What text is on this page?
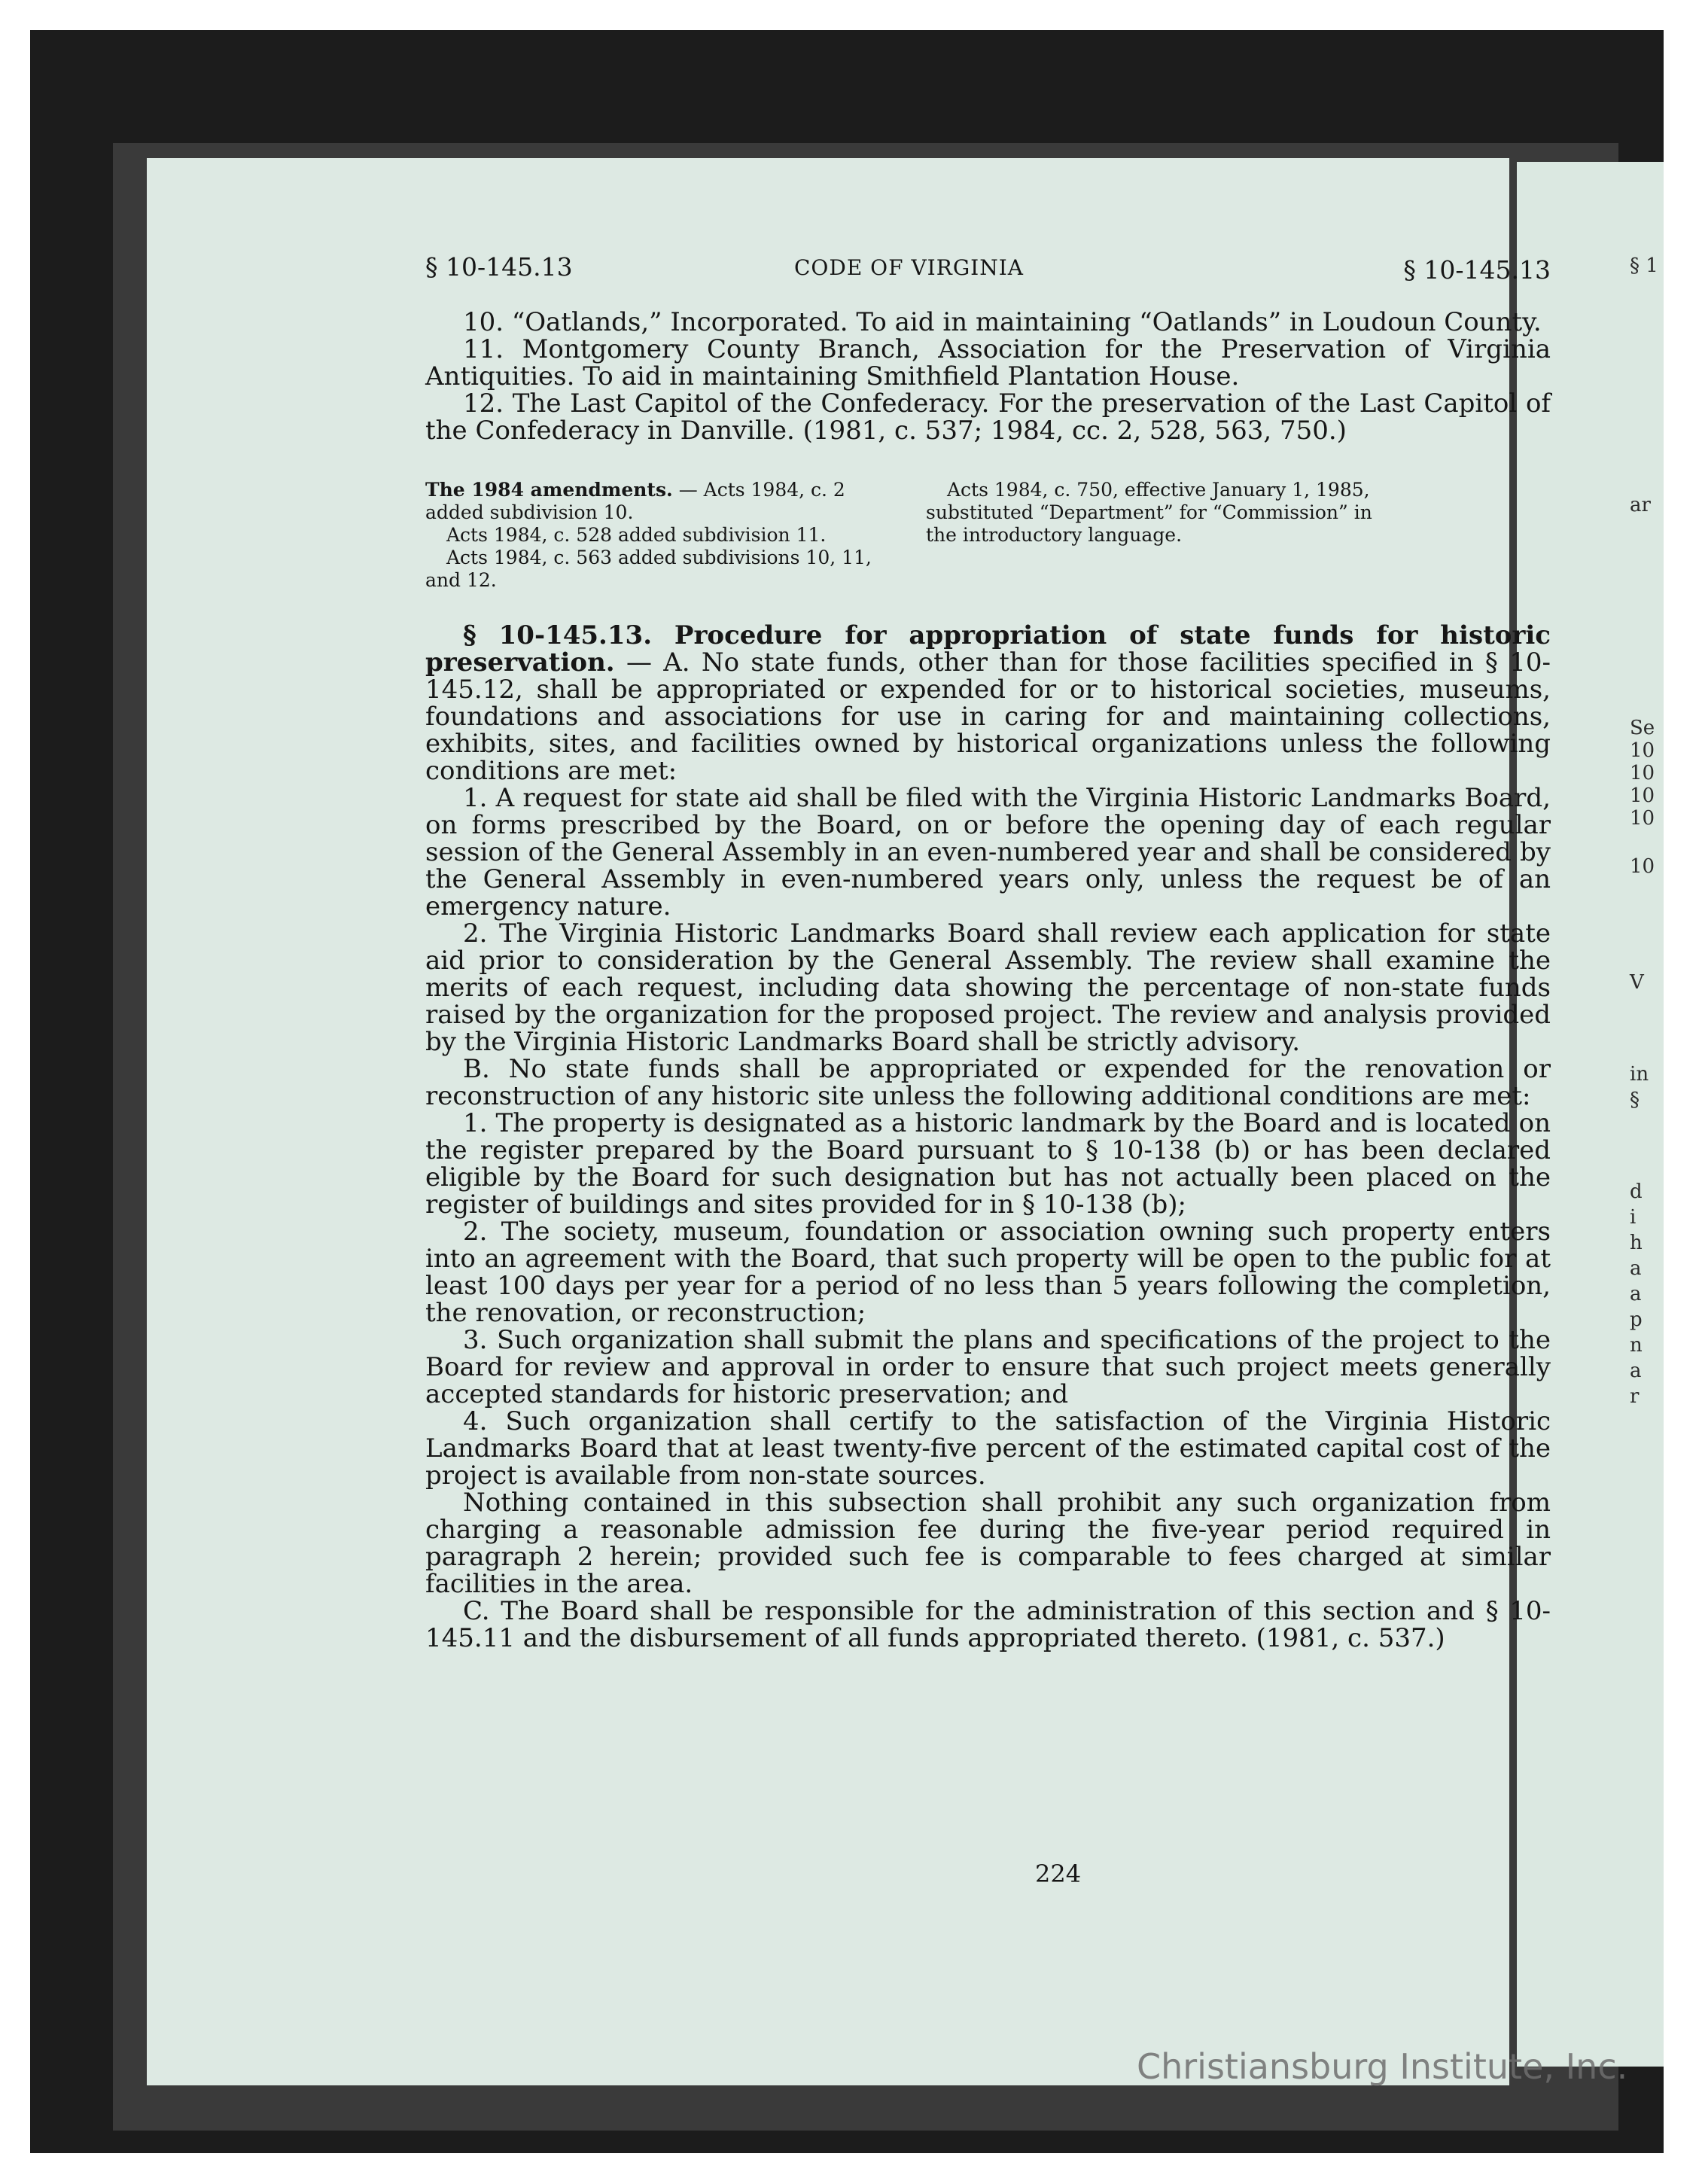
§ 1
ar
Se
10
10
10
10
10
V
in
§
d
i
h
a
a
p
n
a
r
§ 10-145.13	CODE OF VIRGINIA	§ 10-145.13

10. “Oatlands,” Incorporated. To aid in maintaining “Oatlands” in Loudoun County.

11. Montgomery County Branch, Association for the Preservation of Virginia Antiquities. To aid in maintaining Smithfield Plantation House.

12. The Last Capitol of the Confederacy. For the preservation of the Last Capitol of the Confederacy in Danville. (1981, c. 537; 1984, cc. 2, 528, 563, 750.)

The 1984 amendments. — Acts 1984, c. 2 added subdivision 10.

Acts 1984, c. 528 added subdivision 11.

Acts 1984, c. 563 added subdivisions 10, 11, and 12.

Acts 1984, c. 750, effective January 1, 1985, substituted “Department” for “Commission” in the introductory language.

§ 10-145.13. Procedure for appropriation of state funds for historic preservation. — A. No state funds, other than for those facilities specified in § 10-145.12, shall be appropriated or expended for or to historical societies, museums, foundations and associations for use in caring for and maintaining collections, exhibits, sites, and facilities owned by historical organizations unless the following conditions are met:

1. A request for state aid shall be filed with the Virginia Historic Landmarks Board, on forms prescribed by the Board, on or before the opening day of each regular session of the General Assembly in an even-numbered year and shall be considered by the General Assembly in even-numbered years only, unless the request be of an emergency nature.

2. The Virginia Historic Landmarks Board shall review each application for state aid prior to consideration by the General Assembly. The review shall examine the merits of each request, including data showing the percentage of non-state funds raised by the organization for the proposed project. The review and analysis provided by the Virginia Historic Landmarks Board shall be strictly advisory.

B. No state funds shall be appropriated or expended for the renovation or reconstruction of any historic site unless the following additional conditions are met:

1. The property is designated as a historic landmark by the Board and is located on the register prepared by the Board pursuant to § 10-138 (b) or has been declared eligible by the Board for such designation but has not actually been placed on the register of buildings and sites provided for in § 10-138 (b);

2. The society, museum, foundation or association owning such property enters into an agreement with the Board, that such property will be open to the public for at least 100 days per year for a period of no less than 5 years following the completion, the renovation, or reconstruction;

3. Such organization shall submit the plans and specifications of the project to the Board for review and approval in order to ensure that such project meets generally accepted standards for historic preservation; and

4. Such organization shall certify to the satisfaction of the Virginia Historic Landmarks Board that at least twenty-five percent of the estimated capital cost of the project is available from non-state sources.

Nothing contained in this subsection shall prohibit any such organization from charging a reasonable admission fee during the five-year period required in paragraph 2 herein; provided such fee is comparable to fees charged at similar facilities in the area.

C. The Board shall be responsible for the administration of this section and § 10-145.11 and the disbursement of all funds appropriated thereto. (1981, c. 537.)

224
Christiansburg Institute, Inc.
